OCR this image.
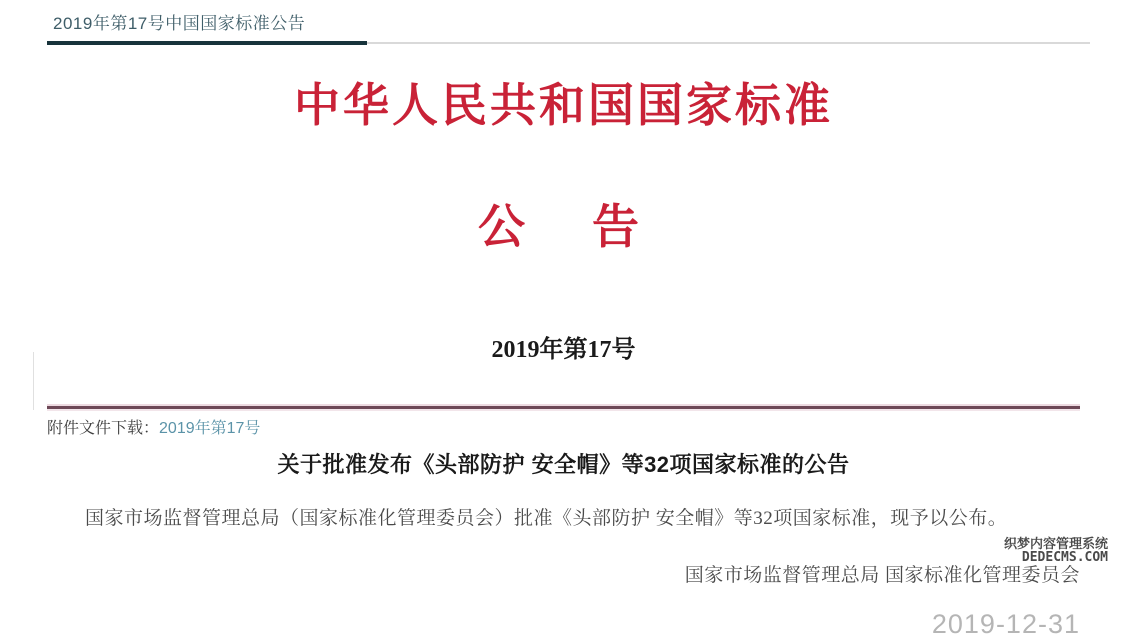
2019年第17号中国国家标准公告
中华人民共和国国家标准
公　告
2019年第17号
附件文件下载：2019年第17号
关于批准发布《头部防护 安全帽》等32项国家标准的公告

国家市场监督管理总局（国家标准化管理委员会）批准《头部防护 安全帽》等32项国家标准，现予以公布。

国家市场监督管理总局 国家标准化管理委员会
2019-12-31
织梦内容管理系统
DEDECMS.COM
